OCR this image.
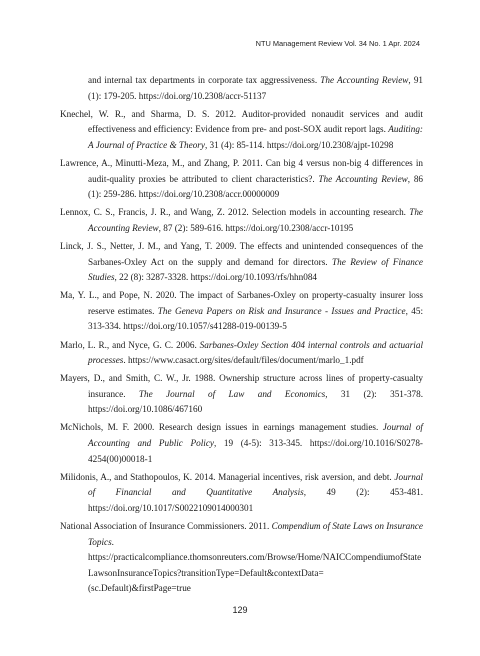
NTU Management Review Vol. 34 No. 1 Apr. 2024

and internal tax departments in corporate tax aggressiveness. The Accounting Review, 91 (1): 179-205. https://doi.org/10.2308/accr-51137

Knechel, W. R., and Sharma, D. S. 2012. Auditor-provided nonaudit services and audit effectiveness and efficiency: Evidence from pre- and post-SOX audit report lags. Auditing: A Journal of Practice & Theory, 31 (4): 85-114. https://doi.org/10.2308/ajpt-10298

Lawrence, A., Minutti-Meza, M., and Zhang, P. 2011. Can big 4 versus non-big 4 differences in audit-quality proxies be attributed to client characteristics?. The Accounting Review, 86 (1): 259-286. https://doi.org/10.2308/accr.00000009

Lennox, C. S., Francis, J. R., and Wang, Z. 2012. Selection models in accounting research. The Accounting Review, 87 (2): 589-616. https://doi.org/10.2308/accr-10195

Linck, J. S., Netter, J. M., and Yang, T. 2009. The effects and unintended consequences of the Sarbanes-Oxley Act on the supply and demand for directors. The Review of Finance Studies, 22 (8): 3287-3328. https://doi.org/10.1093/rfs/hhn084

Ma, Y. L., and Pope, N. 2020. The impact of Sarbanes-Oxley on property-casualty insurer loss reserve estimates. The Geneva Papers on Risk and Insurance - Issues and Practice, 45: 313-334. https://doi.org/10.1057/s41288-019-00139-5

Marlo, L. R., and Nyce, G. C. 2006. Sarbanes-Oxley Section 404 internal controls and actuarial processes. https://www.casact.org/sites/default/files/document/marlo_1.pdf

Mayers, D., and Smith, C. W., Jr. 1988. Ownership structure across lines of property-casualty insurance. The Journal of Law and Economics, 31 (2): 351-378. https://doi.org/10.1086/467160

McNichols, M. F. 2000. Research design issues in earnings management studies. Journal of Accounting and Public Policy, 19 (4-5): 313-345. https://doi.org/10.1016/S0278-4254(00)00018-1

Milidonis, A., and Stathopoulos, K. 2014. Managerial incentives, risk aversion, and debt. Journal of Financial and Quantitative Analysis, 49 (2): 453-481. https://doi.org/10.1017/S0022109014000301

National Association of Insurance Commissioners. 2011. Compendium of State Laws on Insurance Topics. https://practicalcompliance.thomsonreuters.com/Browse/Home/NAICCompendiumofStateLawsonInsuranceTopics?transitionType=Default&contextData=(sc.Default)&firstPage=true

129
